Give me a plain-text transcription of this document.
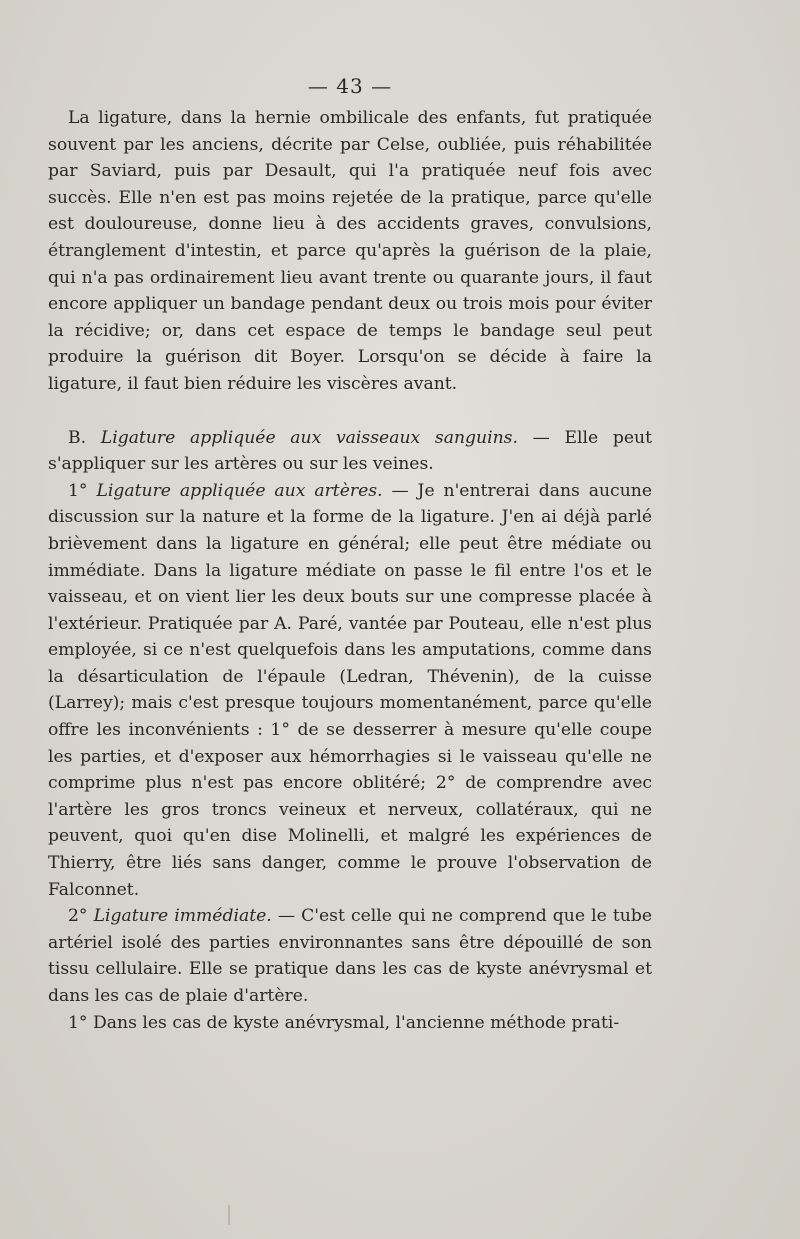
— 43 —

La ligature, dans la hernie ombilicale des enfants, fut pratiquée souvent par les anciens, décrite par Celse, oubliée, puis réhabilitée par Saviard, puis par Desault, qui l'a pratiquée neuf fois avec succès. Elle n'en est pas moins rejetée de la pratique, parce qu'elle est douloureuse, donne lieu à des accidents graves, convulsions, étranglement d'intestin, et parce qu'après la guérison de la plaie, qui n'a pas ordinairement lieu avant trente ou quarante jours, il faut encore appliquer un bandage pendant deux ou trois mois pour éviter la récidive; or, dans cet espace de temps le bandage seul peut produire la guérison dit Boyer. Lorsqu'on se décide à faire la ligature, il faut bien réduire les viscères avant.

B. Ligature appliquée aux vaisseaux sanguins. — Elle peut s'appliquer sur les artères ou sur les veines.

1° Ligature appliquée aux artères. — Je n'entrerai dans aucune discussion sur la nature et la forme de la ligature. J'en ai déjà parlé brièvement dans la ligature en général; elle peut être médiate ou immédiate. Dans la ligature médiate on passe le fil entre l'os et le vaisseau, et on vient lier les deux bouts sur une compresse placée à l'extérieur. Pratiquée par A. Paré, vantée par Pouteau, elle n'est plus employée, si ce n'est quelquefois dans les amputations, comme dans la désarticulation de l'épaule (Ledran, Thévenin), de la cuisse (Larrey); mais c'est presque toujours momentanément, parce qu'elle offre les inconvénients : 1° de se desserrer à mesure qu'elle coupe les parties, et d'exposer aux hémorrhagies si le vaisseau qu'elle ne comprime plus n'est pas encore oblitéré; 2° de comprendre avec l'artère les gros troncs veineux et nerveux, collatéraux, qui ne peuvent, quoi qu'en dise Molinelli, et malgré les expériences de Thierry, être liés sans danger, comme le prouve l'observation de Falconnet.

2° Ligature immédiate. — C'est celle qui ne comprend que le tube artériel isolé des parties environnantes sans être dépouillé de son tissu cellulaire. Elle se pratique dans les cas de kyste anévrysmal et dans les cas de plaie d'artère.

1° Dans les cas de kyste anévrysmal, l'ancienne méthode prati-
